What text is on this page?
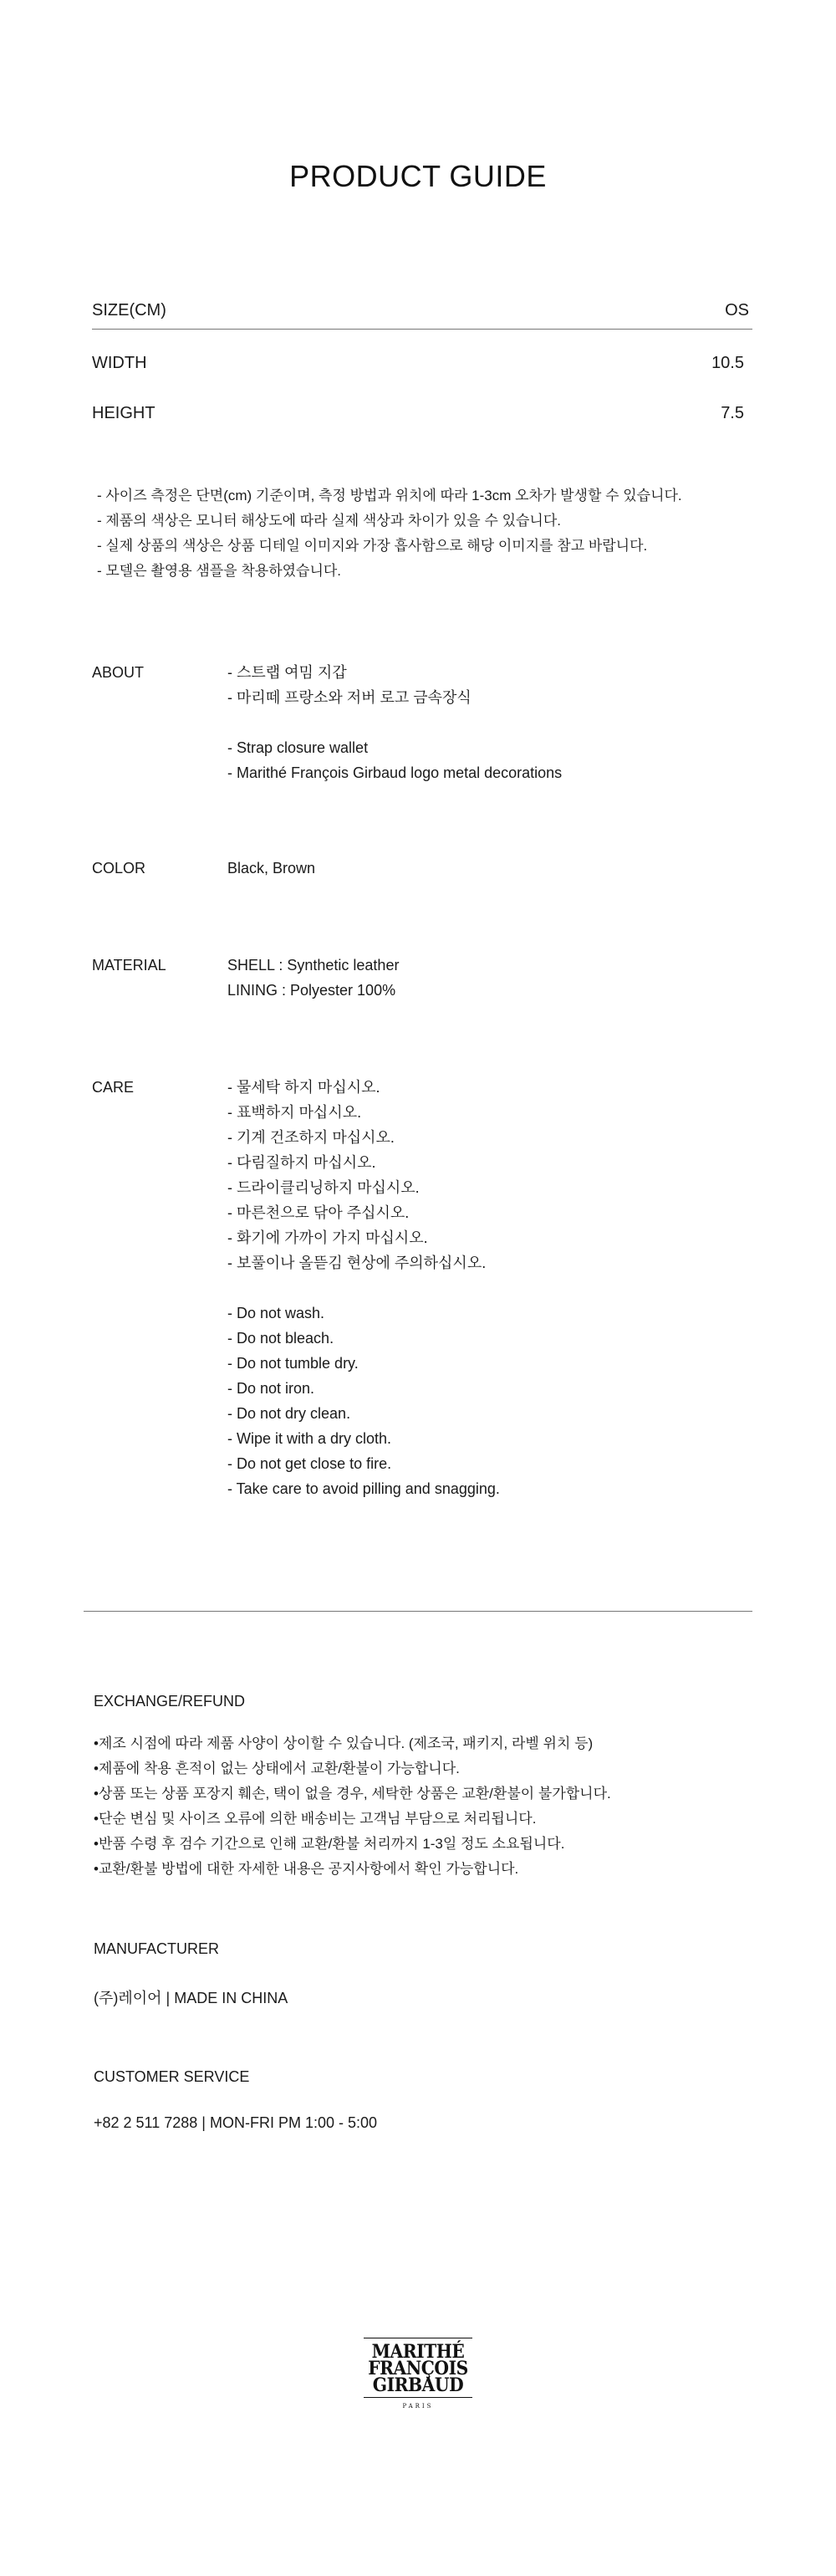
PRODUCT GUIDE
SIZE(CM)	OS
WIDTH	10.5
HEIGHT	7.5
- 사이즈 측정은 단면(cm) 기준이며, 측정 방법과 위치에 따라 1-3cm 오차가 발생할 수 있습니다.
- 제품의 색상은 모니터 해상도에 따라 실제 색상과 차이가 있을 수 있습니다.
- 실제 상품의 색상은 상품 디테일 이미지와 가장 흡사함으로 해당 이미지를 참고 바랍니다.
- 모델은 촬영용 샘플을 착용하였습니다.
ABOUT	- 스트랩 여밈 지갑
- 마리떼 프랑소와 저버 로고 금속장식
- Strap closure wallet
- Marithé François Girbaud logo metal decorations
COLOR	Black, Brown
MATERIAL	SHELL : Synthetic leather
LINING : Polyester 100%
CARE	- 물세탁 하지 마십시오.
- 표백하지 마십시오.
- 기계 건조하지 마십시오.
- 다림질하지 마십시오.
- 드라이클리닝하지 마십시오.
- 마른천으로 닦아 주십시오.
- 화기에 가까이 가지 마십시오.
- 보풀이나 올뜯김 현상에 주의하십시오.
- Do not wash.
- Do not bleach.
- Do not tumble dry.
- Do not iron.
- Do not dry clean.
- Wipe it with a dry cloth.
- Do not get close to fire.
- Take care to avoid pilling and snagging.
EXCHANGE/REFUND
•제조 시점에 따라 제품 사양이 상이할 수 있습니다. (제조국, 패키지, 라벨 위치 등)
•제품에 착용 흔적이 없는 상태에서 교환/환불이 가능합니다.
•상품 또는 상품 포장지 훼손, 택이 없을 경우, 세탁한 상품은 교환/환불이 불가합니다.
•단순 변심 및 사이즈 오류에 의한 배송비는 고객님 부담으로 처리됩니다.
•반품 수령 후 검수 기간으로 인해 교환/환불 처리까지 1-3일 정도 소요됩니다.
•교환/환불 방법에 대한 자세한 내용은 공지사항에서 확인 가능합니다.
MANUFACTURER
(주)레이어 | MADE IN CHINA
CUSTOMER SERVICE
+82 2 511 7288 | MON-FRI PM 1:00 - 5:00
MARITHÉ
FRANÇOIS
GIRBAUD
PARIS
